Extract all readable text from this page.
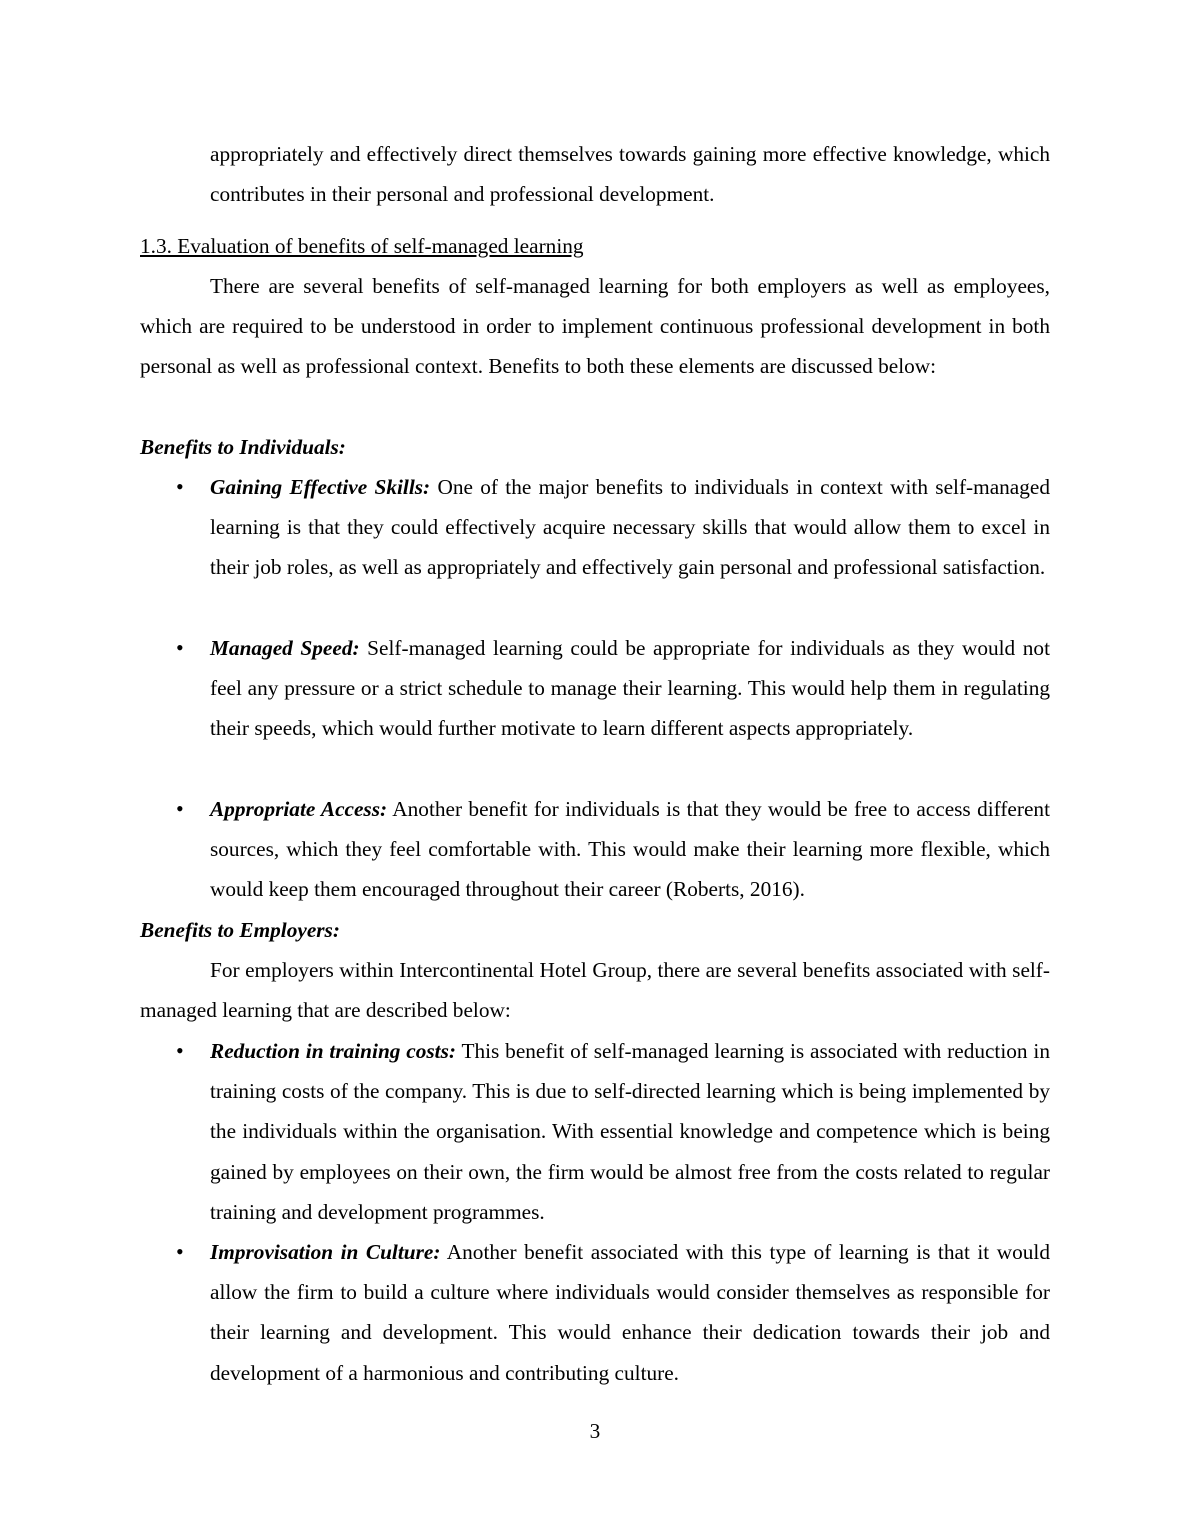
appropriately and effectively direct themselves towards gaining more effective knowledge, which contributes in their personal and professional development.

1.3. Evaluation of benefits of self-managed learning

There are several benefits of self-managed learning for both employers as well as employees, which are required to be understood in order to implement continuous professional development in both personal as well as professional context. Benefits to both these elements are discussed below:

Benefits to Individuals:

•	Gaining Effective Skills: One of the major benefits to individuals in context with self-managed learning is that they could effectively acquire necessary skills that would allow them to excel in their job roles, as well as appropriately and effectively gain personal and professional satisfaction.

•	Managed Speed: Self-managed learning could be appropriate for individuals as they would not feel any pressure or a strict schedule to manage their learning. This would help them in regulating their speeds, which would further motivate to learn different aspects appropriately.

•	Appropriate Access: Another benefit for individuals is that they would be free to access different sources, which they feel comfortable with. This would make their learning more flexible, which would keep them encouraged throughout their career (Roberts, 2016).

Benefits to Employers:

For employers within Intercontinental Hotel Group, there are several benefits associated with self-managed learning that are described below:

•	Reduction in training costs: This benefit of self-managed learning is associated with reduction in training costs of the company. This is due to self-directed learning which is being implemented by the individuals within the organisation. With essential knowledge and competence which is being gained by employees on their own, the firm would be almost free from the costs related to regular training and development programmes.

•	Improvisation in Culture: Another benefit associated with this type of learning is that it would allow the firm to build a culture where individuals would consider themselves as responsible for their learning and development. This would enhance their dedication towards their job and development of a harmonious and contributing culture.

3
